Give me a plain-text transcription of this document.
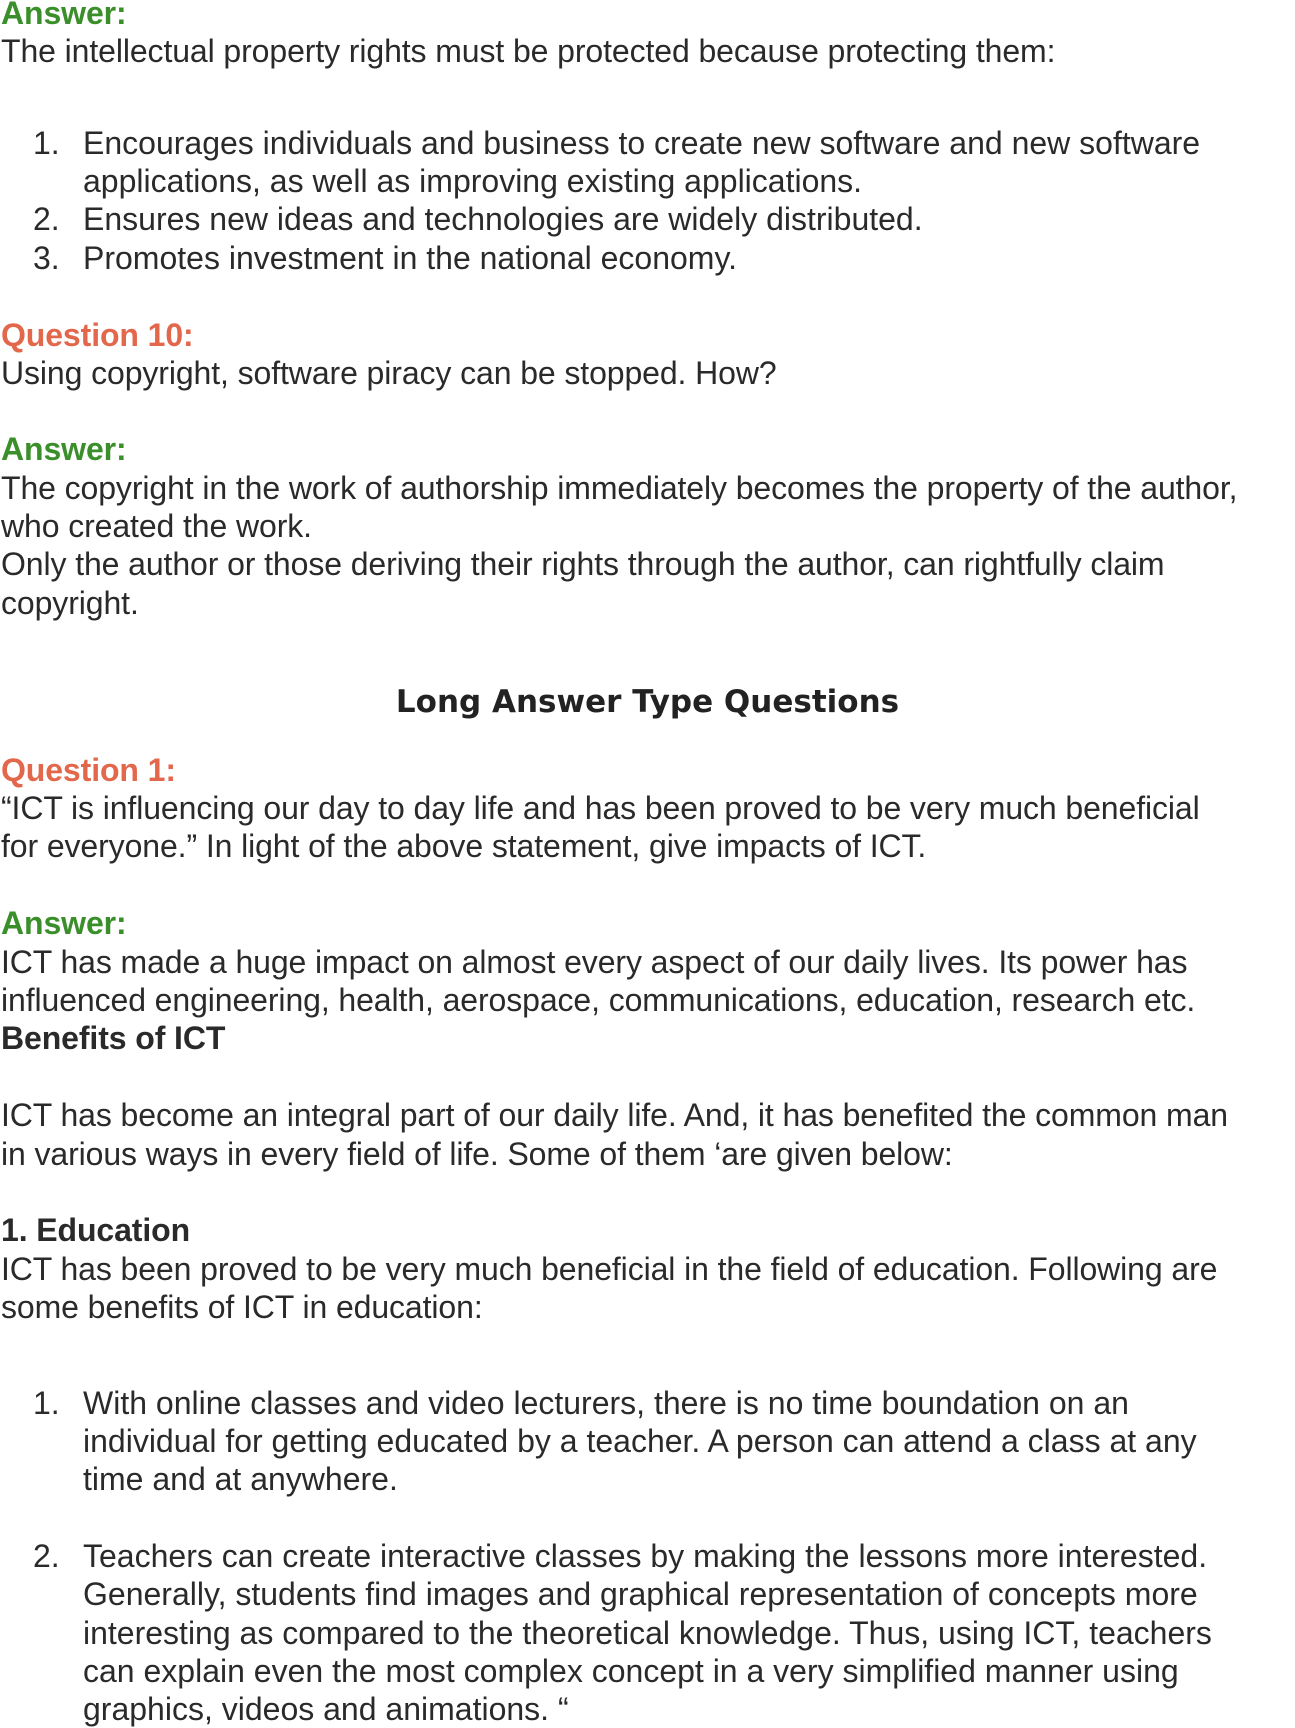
Answer:
The intellectual property rights must be protected because protecting them:
1. Encourages individuals and business to create new software and new software
applications, as well as improving existing applications.
2. Ensures new ideas and technologies are widely distributed.
3. Promotes investment in the national economy.
Question 10:
Using copyright, software piracy can be stopped. How?
Answer:
The copyright in the work of authorship immediately becomes the property of the author,
who created the work.
Only the author or those deriving their rights through the author, can rightfully claim
copyright.
Long Answer Type Questions
Question 1:
“ICT is influencing our day to day life and has been proved to be very much beneficial
for everyone.” In light of the above statement, give impacts of ICT.
Answer:
ICT has made a huge impact on almost every aspect of our daily lives. Its power has
influenced engineering, health, aerospace, communications, education, research etc.
Benefits of ICT
ICT has become an integral part of our daily life. And, it has benefited the common man
in various ways in every field of life. Some of them ‘are given below:
1. Education
ICT has been proved to be very much beneficial in the field of education. Following are
some benefits of ICT in education:
1. With online classes and video lecturers, there is no time boundation on an
individual for getting educated by a teacher. A person can attend a class at any
time and at anywhere.
2. Teachers can create interactive classes by making the lessons more interested.
Generally, students find images and graphical representation of concepts more
interesting as compared to the theoretical knowledge. Thus, using ICT, teachers
can explain even the most complex concept in a very simplified manner using
graphics, videos and animations. “
